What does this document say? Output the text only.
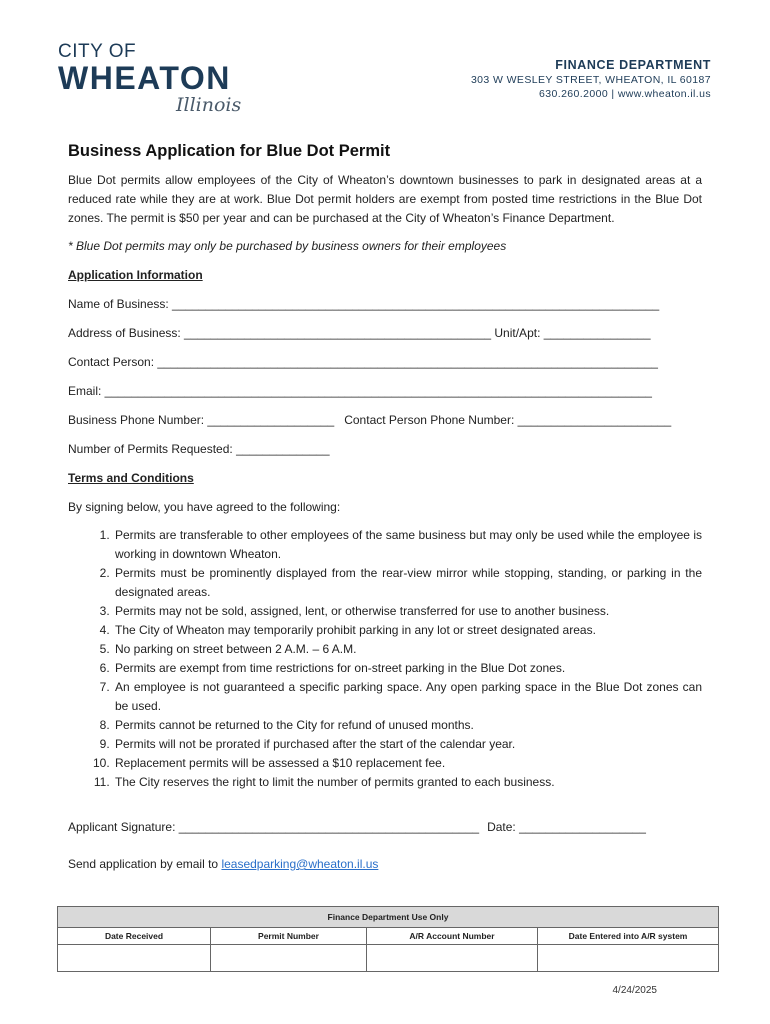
CITY OF
WHEATON
Illinois
FINANCE DEPARTMENT
303 W WESLEY STREET, WHEATON, IL 60187
630.260.2000 | www.wheaton.il.us
Business Application for Blue Dot Permit

Blue Dot permits allow employees of the City of Wheaton’s downtown businesses to park in designated areas at a reduced rate while they are at work. Blue Dot permit holders are exempt from posted time restrictions in the Blue Dot zones. The permit is $50 per year and can be purchased at the City of Wheaton’s Finance Department.

* Blue Dot permits may only be purchased by business owners for their employees

Application Information
Name of Business: _________________________________________________________________________
Address of Business: ______________________________________________ Unit/Apt: ________________
Contact Person: ___________________________________________________________________________
Email: __________________________________________________________________________________
Business Phone Number: ___________________ Contact Person Phone Number: _______________________
Number of Permits Requested: ______________
Terms and Conditions

By signing below, you have agreed to the following:

1. Permits are transferable to other employees of the same business but may only be used while the employee is working in downtown Wheaton.
2. Permits must be prominently displayed from the rear-view mirror while stopping, standing, or parking in the designated areas.
3. Permits may not be sold, assigned, lent, or otherwise transferred for use to another business.
4. The City of Wheaton may temporarily prohibit parking in any lot or street designated areas.
5. No parking on street between 2 A.M. – 6 A.M.
6. Permits are exempt from time restrictions for on-street parking in the Blue Dot zones.
7. An employee is not guaranteed a specific parking space. Any open parking space in the Blue Dot zones can be used.
8. Permits cannot be returned to the City for refund of unused months.
9. Permits will not be prorated if purchased after the start of the calendar year.
10. Replacement permits will be assessed a $10 replacement fee.
11. The City reserves the right to limit the number of permits granted to each business.
Applicant Signature: _____________________________________________ Date: ___________________
Send application by email to leasedparking@wheaton.il.us
Finance Department Use Only			
Date Received	Permit Number	A/R Account Number	Date Entered into A/R system

4/24/2025
